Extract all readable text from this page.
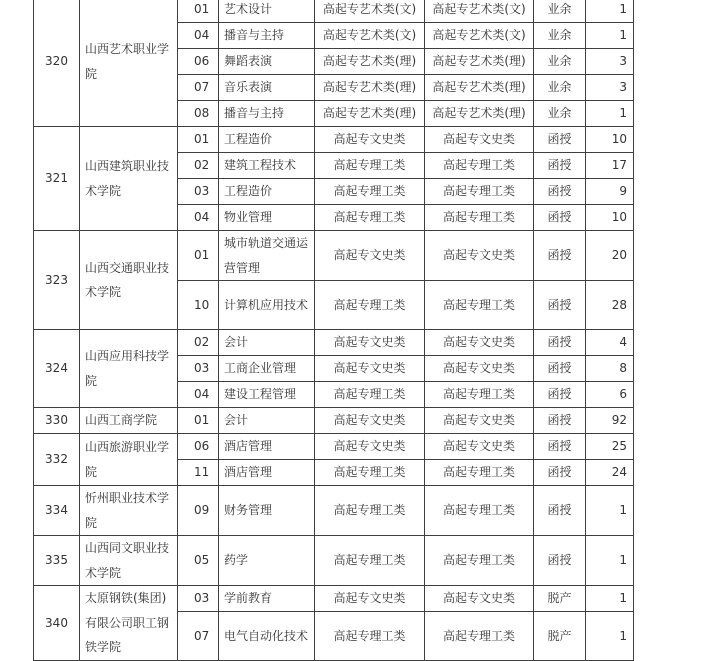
320	山西艺术职业学院	01	艺术设计	高起专艺术类(文)	高起专艺术类(文)	业余	1
		04	播音与主持	高起专艺术类(文)	高起专艺术类(文)	业余	1
		06	舞蹈表演	高起专艺术类(理)	高起专艺术类(理)	业余	3
		07	音乐表演	高起专艺术类(理)	高起专艺术类(理)	业余	3
		08	播音与主持	高起专艺术类(理)	高起专艺术类(理)	业余	1
321	山西建筑职业技术学院	01	工程造价	高起专文史类	高起专文史类	函授	10
		02	建筑工程技术	高起专理工类	高起专理工类	函授	17
		03	工程造价	高起专理工类	高起专理工类	函授	9
		04	物业管理	高起专理工类	高起专理工类	函授	10
323	山西交通职业技术学院	01	城市轨道交通运营管理	高起专文史类	高起专文史类	函授	20
		10	计算机应用技术	高起专理工类	高起专理工类	函授	28
324	山西应用科技学院	02	会计	高起专文史类	高起专文史类	函授	4
		03	工商企业管理	高起专文史类	高起专文史类	函授	8
		04	建设工程管理	高起专理工类	高起专理工类	函授	6
330	山西工商学院	01	会计	高起专文史类	高起专文史类	函授	92
332	山西旅游职业学院	06	酒店管理	高起专文史类	高起专文史类	函授	25
		11	酒店管理	高起专理工类	高起专理工类	函授	24
334	忻州职业技术学院	09	财务管理	高起专理工类	高起专理工类	函授	1
335	山西同文职业技术学院	05	药学	高起专理工类	高起专理工类	函授	1
340	太原钢铁(集团)有限公司职工钢铁学院	03	学前教育	高起专文史类	高起专文史类	脱产	1
		07	电气自动化技术	高起专理工类	高起专理工类	脱产	1
